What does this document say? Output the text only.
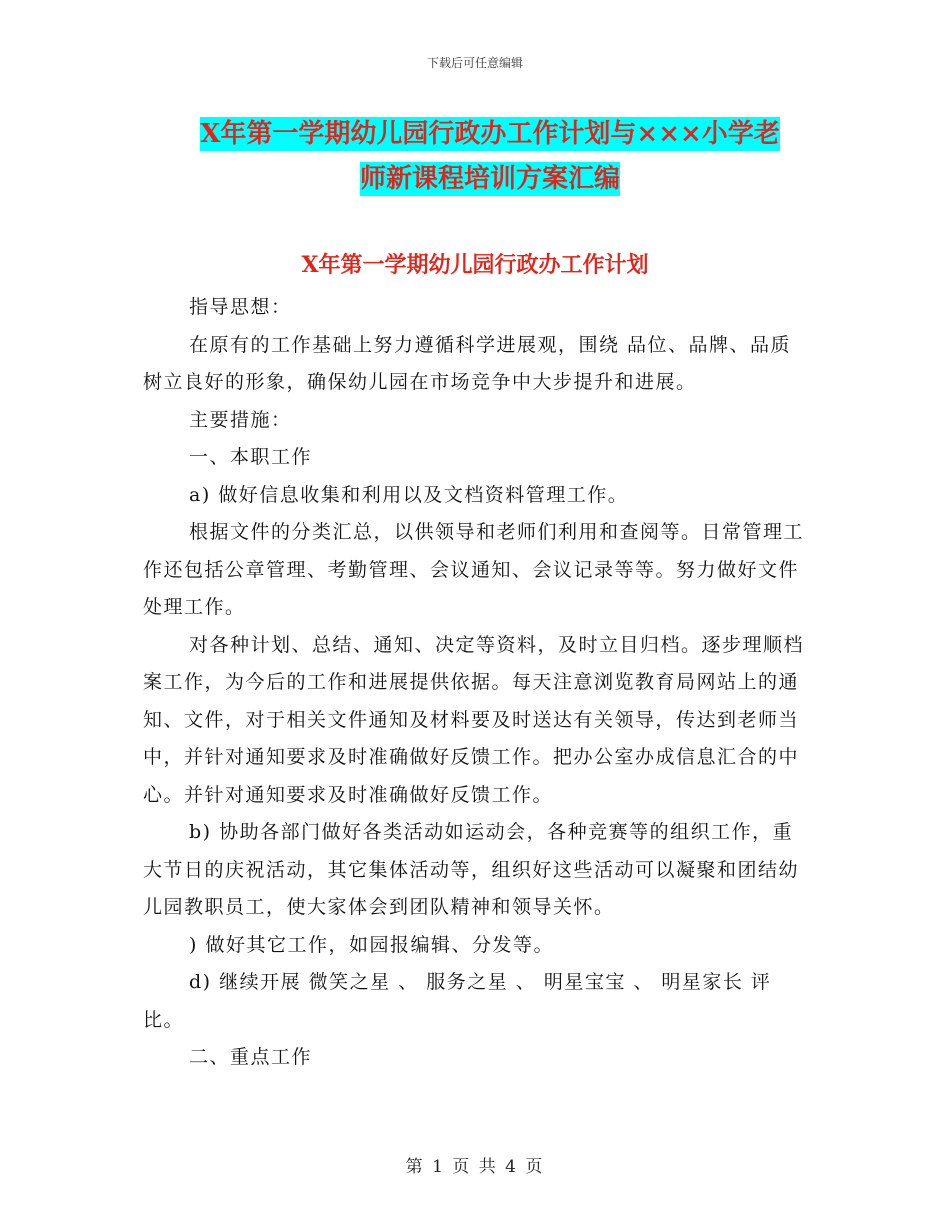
下载后可任意编辑
X年第一学期幼儿园行政办工作计划与×××小学老
师新课程培训方案汇编
X年第一学期幼儿园行政办工作计划

指导思想：

在原有的工作基础上努力遵循科学进展观，围绕 品位、品牌、品质 树立良好的形象，确保幼儿园在市场竞争中大步提升和进展。

主要措施：

一、本职工作

a) 做好信息收集和利用以及文档资料管理工作。

根据文件的分类汇总，以供领导和老师们利用和查阅等。日常管理工作还包括公章管理、考勤管理、会议通知、会议记录等等。努力做好文件处理工作。

对各种计划、总结、通知、决定等资料，及时立目归档。逐步理顺档案工作，为今后的工作和进展提供依据。每天注意浏览教育局网站上的通知、文件，对于相关文件通知及材料要及时送达有关领导，传达到老师当中，并针对通知要求及时准确做好反馈工作。把办公室办成信息汇合的中心。并针对通知要求及时准确做好反馈工作。

b) 协助各部门做好各类活动如运动会，各种竞赛等的组织工作，重大节日的庆祝活动，其它集体活动等，组织好这些活动可以凝聚和团结幼儿园教职员工，使大家体会到团队精神和领导关怀。

) 做好其它工作，如园报编辑、分发等。

d) 继续开展 微笑之星 、 服务之星 、 明星宝宝 、 明星家长 评比。

二、重点工作

第 1 页 共 4 页
